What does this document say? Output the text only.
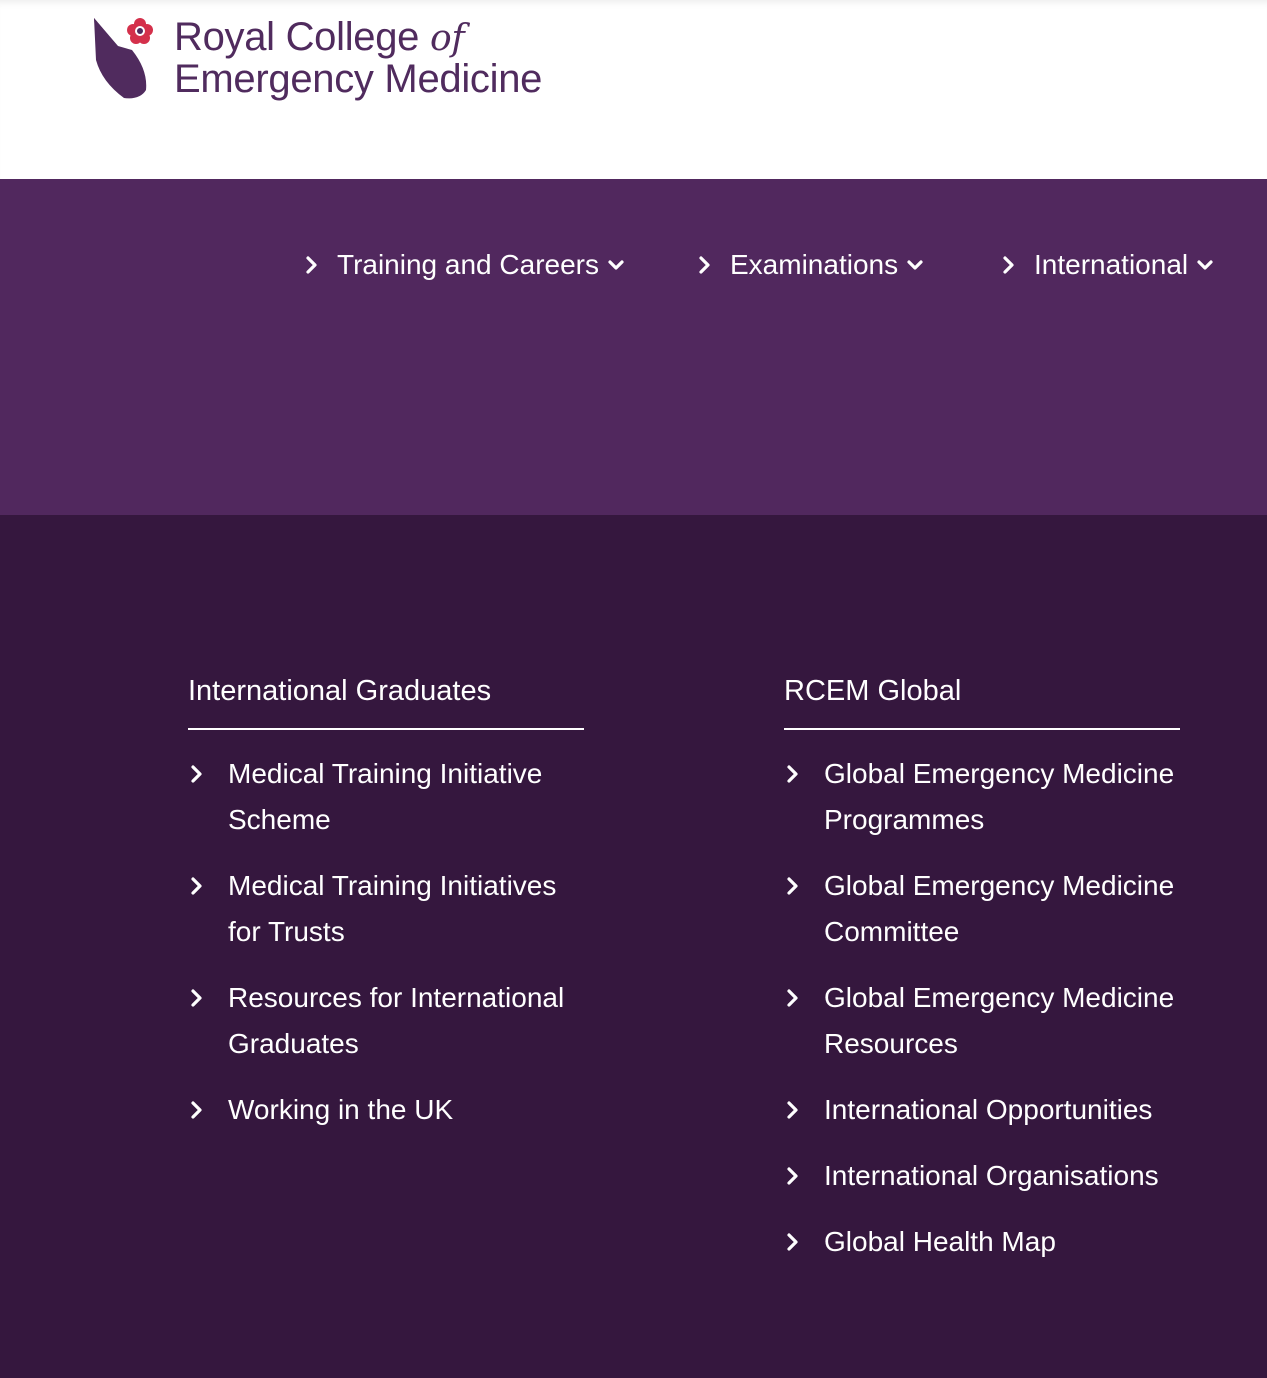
Royal College of
Emergency Medicine
Training and Careers	Examinations	International
International Graduates
Medical Training Initiative Scheme
Medical Training Initiatives for Trusts
Resources for International Graduates
Working in the UK
RCEM Global
Global Emergency Medicine Programmes
Global Emergency Medicine Committee
Global Emergency Medicine Resources
International Opportunities
International Organisations
Global Health Map
